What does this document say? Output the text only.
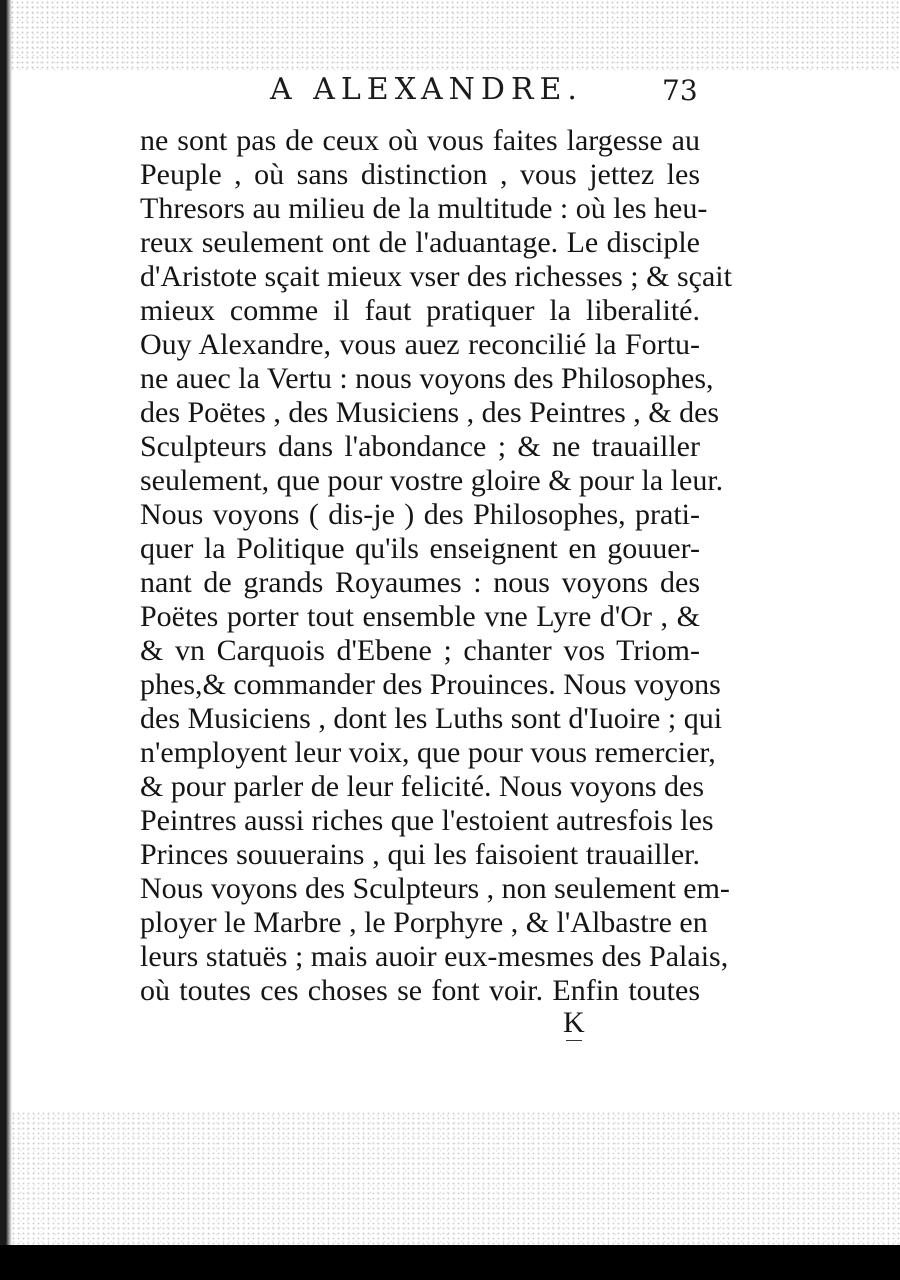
A ALEXANDRE.	73
ne sont pas de ceux où vous faites largesse au
Peuple , où sans distinction , vous jettez les
Thresors au milieu de la multitude : où les heu-
reux seulement ont de l'aduantage. Le disciple
d'Aristote sçait mieux vser des richesses ; & sçait
mieux comme il faut pratiquer la liberalité.
Ouy Alexandre, vous auez reconcilié la Fortu-
ne auec la Vertu : nous voyons des Philosophes,
des Poëtes , des Musiciens , des Peintres , & des
Sculpteurs dans l'abondance ; & ne trauailler
seulement, que pour vostre gloire & pour la leur.
Nous voyons ( dis-je ) des Philosophes, prati-
quer la Politique qu'ils enseignent en gouuer-
nant de grands Royaumes : nous voyons des
Poëtes porter tout ensemble vne Lyre d'Or , &
& vn Carquois d'Ebene ; chanter vos Triom-
phes,& commander des Prouinces. Nous voyons
des Musiciens , dont les Luths sont d'Iuoire ; qui
n'employent leur voix, que pour vous remercier,
& pour parler de leur felicité. Nous voyons des
Peintres aussi riches que l'estoient autresfois les
Princes souuerains , qui les faisoient trauailler.
Nous voyons des Sculpteurs , non seulement em-
ployer le Marbre , le Porphyre , & l'Albastre en
leurs statuës ; mais auoir eux-mesmes des Palais,
où toutes ces choses se font voir. Enfin toutes
K
